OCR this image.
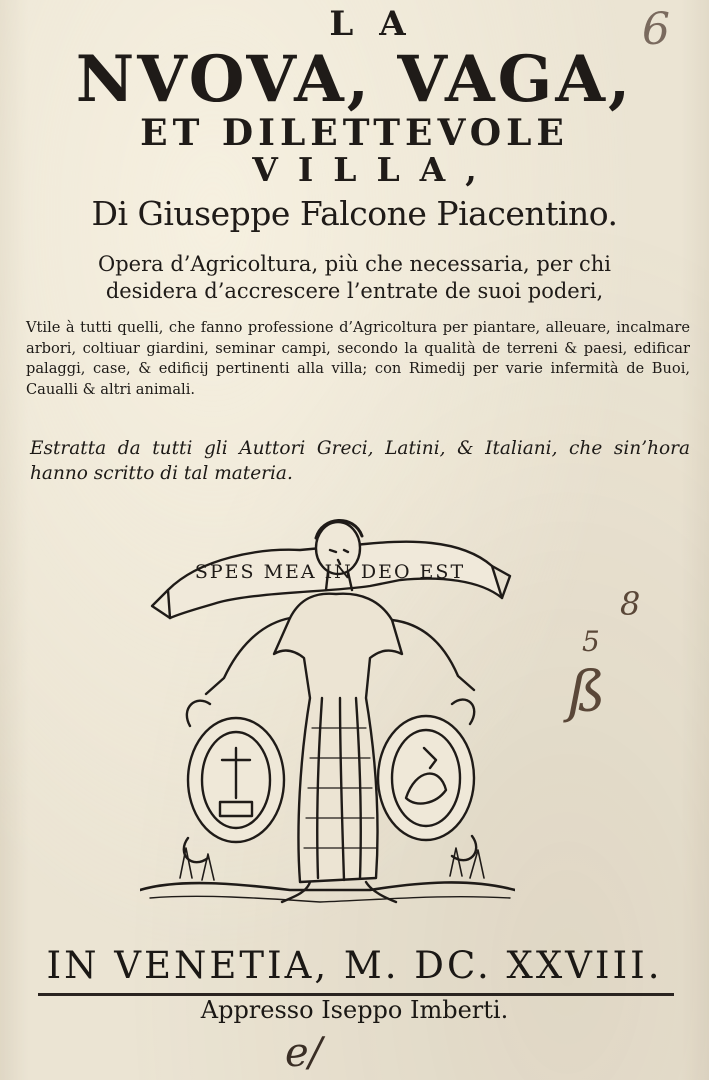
LA
NVOVA, VAGA,
ET DILETTEVOLE
VILLA,
Di Giuseppe Falcone Piacentino.
Opera d’Agricoltura, più che necessaria, per chi
desidera d’accrescere l’entrate de suoi poderi,
Vtile à tutti quelli, che fanno professione d’Agricoltura per piantare, alleuare, incalmare arbori, coltiuar giardini, seminar campi, secondo la qualità de terreni & paesi, edificar palaggi, case, & edificij pertinenti alla villa; con Rimedij per varie infermità de Buoi, Caualli & altri animali.
Estratta da tutti gli Auttori Greci, Latini, & Italiani, che sin’hora hanno scritto di tal materia.
SPES MEA IN DEO EST
IN VENETIA, M. DC. XXVIII.
Appresso Iseppo Imberti.
6
8
5
ß
e/
